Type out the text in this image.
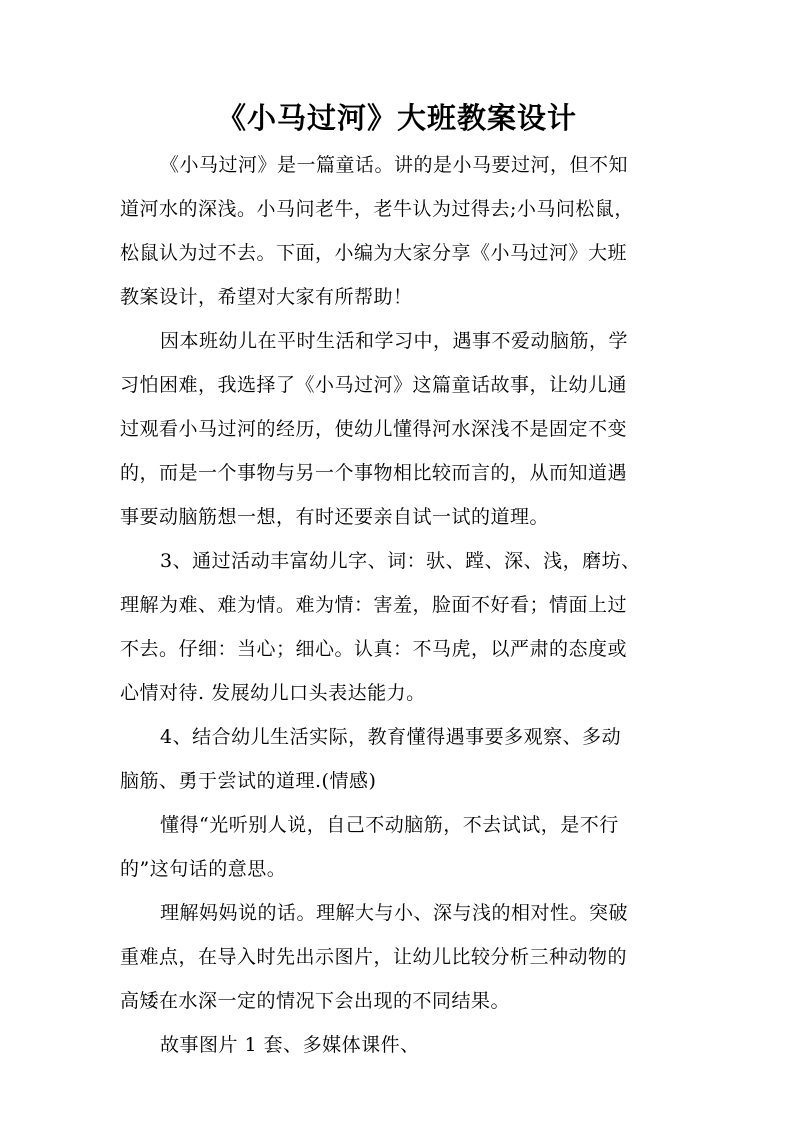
《小马过河》大班教案设计

《小马过河》是一篇童话。讲的是小马要过河，但不知

道河水的深浅。小马问老牛，老牛认为过得去;小马问松鼠，

松鼠认为过不去。下面，小编为大家分享《小马过河》大班

教案设计，希望对大家有所帮助！

因本班幼儿在平时生活和学习中，遇事不爱动脑筋，学

习怕困难，我选择了《小马过河》这篇童话故事，让幼儿通

过观看小马过河的经历，使幼儿懂得河水深浅不是固定不变

的，而是一个事物与另一个事物相比较而言的，从而知道遇

事要动脑筋想一想，有时还要亲自试一试的道理。

3、通过活动丰富幼儿字、词：驮、蹚、深、浅，磨坊、

理解为难、难为情。难为情：害羞，脸面不好看；情面上过

不去。仔细：当心；细心。认真：不马虎，以严肃的态度或

心情对待. 发展幼儿口头表达能力。

4、结合幼儿生活实际，教育懂得遇事要多观察、多动

脑筋、勇于尝试的道理.(情感)

懂得“光听别人说，自己不动脑筋，不去试试，是不行

的”这句话的意思。

理解妈妈说的话。理解大与小、深与浅的相对性。突破

重难点，在导入时先出示图片，让幼儿比较分析三种动物的

高矮在水深一定的情况下会出现的不同结果。

故事图片 1 套、多媒体课件、
